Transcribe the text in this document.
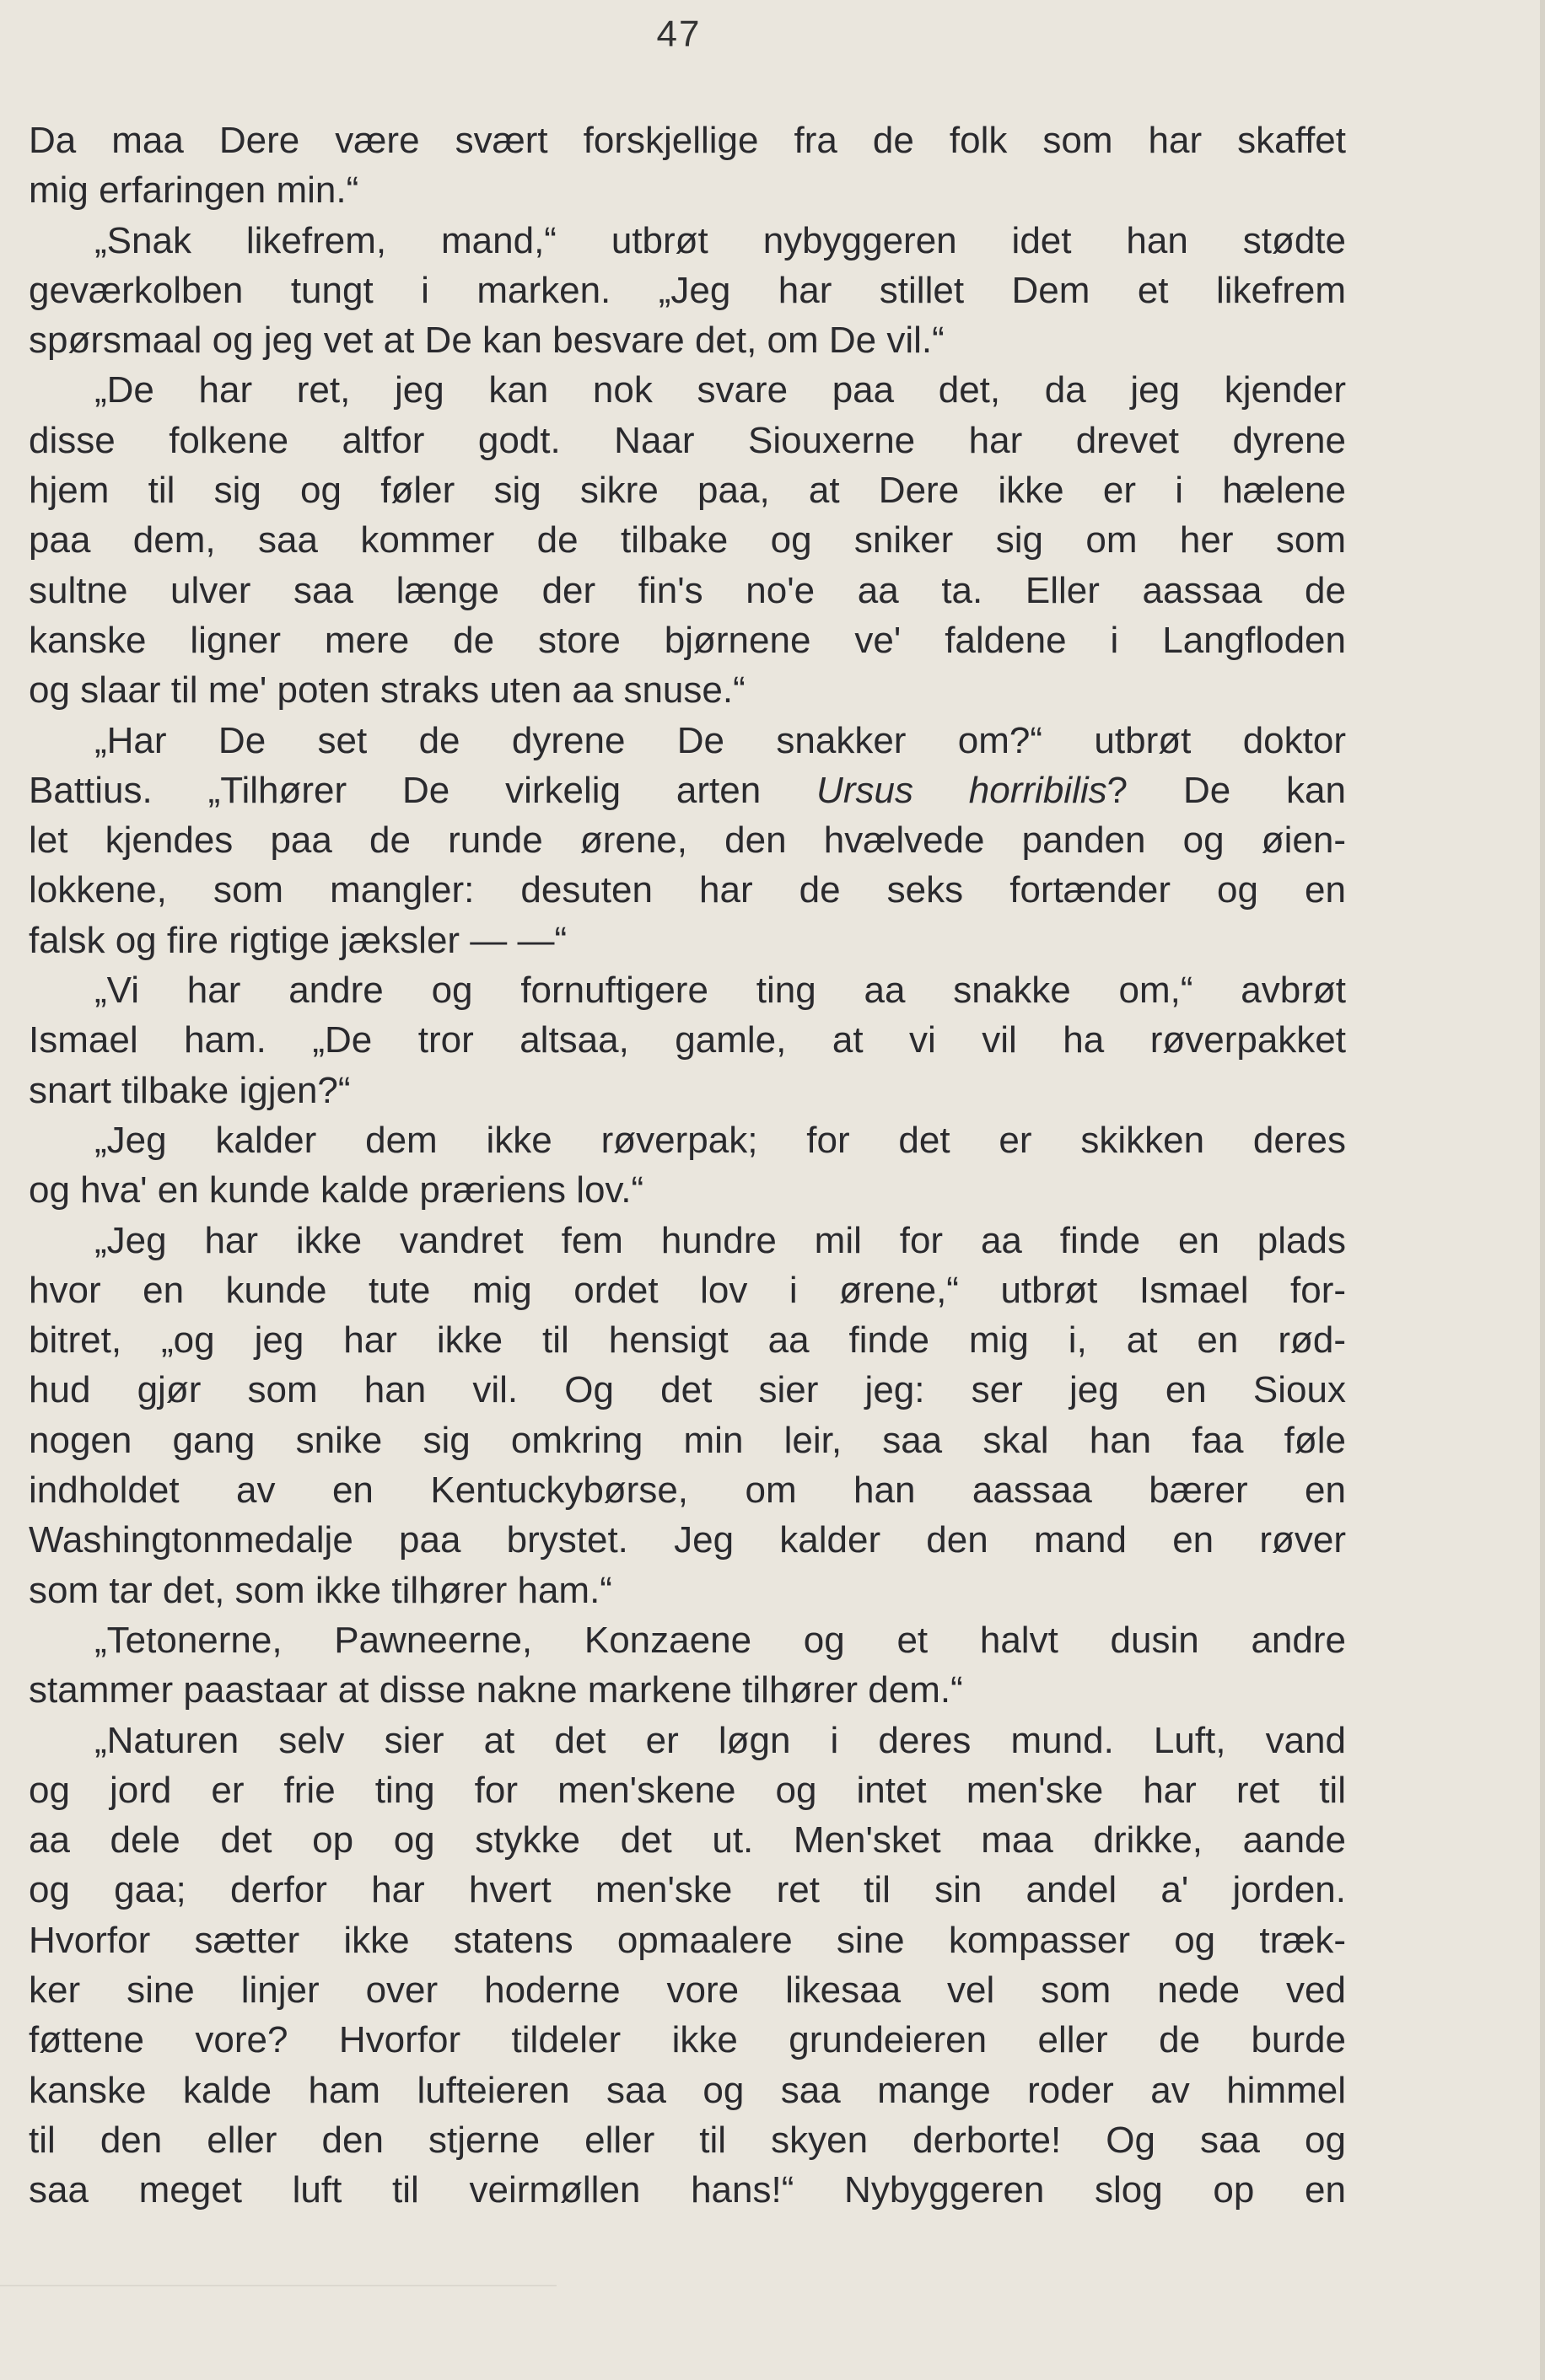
47
Da maa Dere være svært forskjellige fra de folk som har skaffet
mig erfaringen min.“
„Snak likefrem, mand,“ utbrøt nybyggeren idet han stødte
geværkolben tungt i marken. „Jeg har stillet Dem et likefrem
spørsmaal og jeg vet at De kan besvare det, om De vil.“
„De har ret, jeg kan nok svare paa det, da jeg kjender
disse folkene altfor godt. Naar Siouxerne har drevet dyrene
hjem til sig og føler sig sikre paa, at Dere ikke er i hælene
paa dem, saa kommer de tilbake og sniker sig om her som
sultne ulver saa længe der fin's no'e aa ta. Eller aassaa de
kanske ligner mere de store bjørnene ve' faldene i Langfloden
og slaar til me' poten straks uten aa snuse.“
„Har De set de dyrene De snakker om?“ utbrøt doktor
Battius. „Tilhører De virkelig arten Ursus horribilis? De kan
let kjendes paa de runde ørene, den hvælvede panden og øien-
lokkene, som mangler: desuten har de seks fortænder og en
falsk og fire rigtige jæksler — —“
„Vi har andre og fornuftigere ting aa snakke om,“ avbrøt
Ismael ham. „De tror altsaa, gamle, at vi vil ha røverpakket
snart tilbake igjen?“
„Jeg kalder dem ikke røverpak; for det er skikken deres
og hva' en kunde kalde præriens lov.“
„Jeg har ikke vandret fem hundre mil for aa finde en plads
hvor en kunde tute mig ordet lov i ørene,“ utbrøt Ismael for-
bitret, „og jeg har ikke til hensigt aa finde mig i, at en rød-
hud gjør som han vil. Og det sier jeg: ser jeg en Sioux
nogen gang snike sig omkring min leir, saa skal han faa føle
indholdet av en Kentuckybørse, om han aassaa bærer en
Washingtonmedalje paa brystet. Jeg kalder den mand en røver
som tar det, som ikke tilhører ham.“
„Tetonerne, Pawneerne, Konzaene og et halvt dusin andre
stammer paastaar at disse nakne markene tilhører dem.“
„Naturen selv sier at det er løgn i deres mund. Luft, vand
og jord er frie ting for men'skene og intet men'ske har ret til
aa dele det op og stykke det ut. Men'sket maa drikke, aande
og gaa; derfor har hvert men'ske ret til sin andel a' jorden.
Hvorfor sætter ikke statens opmaalere sine kompasser og træk-
ker sine linjer over hoderne vore likesaa vel som nede ved
føttene vore? Hvorfor tildeler ikke grundeieren eller de burde
kanske kalde ham lufteieren saa og saa mange roder av himmel
til den eller den stjerne eller til skyen derborte! Og saa og
saa meget luft til veirmøllen hans!“ Nybyggeren slog op en
